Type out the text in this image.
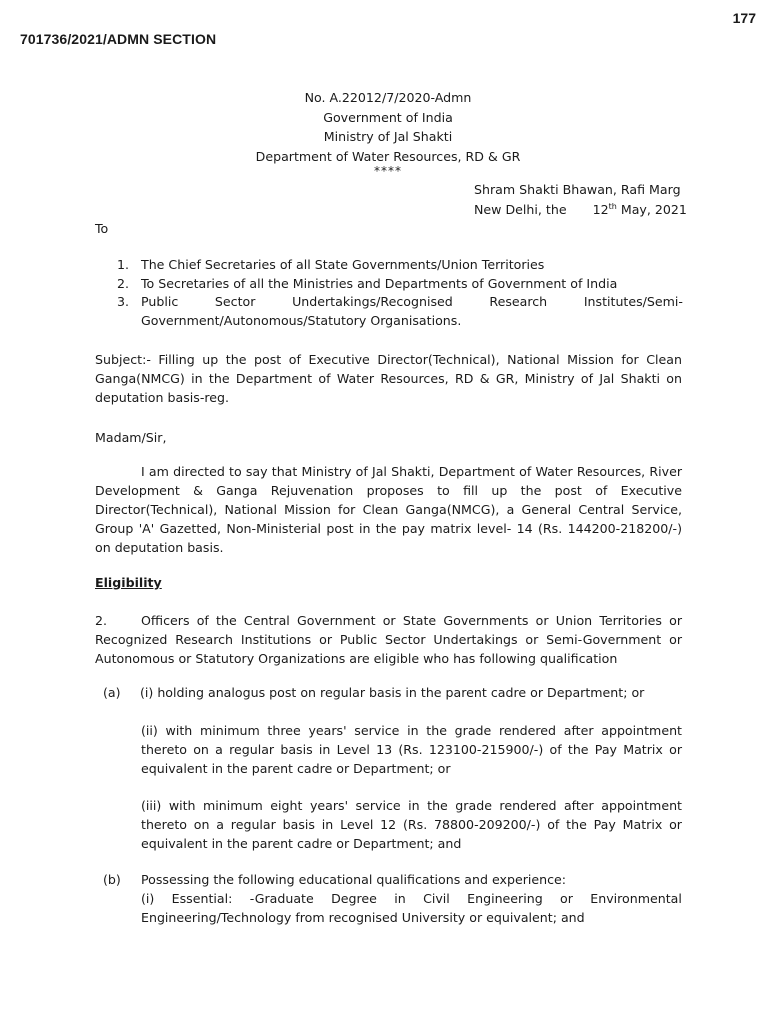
177
701736/2021/ADMN SECTION
No. A.22012/7/2020-Admn
Government of India
Ministry of Jal Shakti
Department of Water Resources, RD & GR
****
Shram Shakti Bhawan, Rafi Marg
New Delhi, the 12th May, 2021
To
1. The Chief Secretaries of all State Governments/Union Territories
2. To Secretaries of all the Ministries and Departments of Government of India
3. Public	Sector	Undertakings/Recognised	Research	Institutes/Semi-
Government/Autonomous/Statutory Organisations.
Subject:- Filling up the post of Executive Director(Technical), National Mission for Clean Ganga(NMCG) in the Department of Water Resources, RD & GR, Ministry of Jal Shakti on deputation basis-reg.
Madam/Sir,
I am directed to say that Ministry of Jal Shakti, Department of Water Resources, River Development & Ganga Rejuvenation proposes to fill up the post of Executive Director(Technical), National Mission for Clean Ganga(NMCG), a General Central Service, Group 'A' Gazetted, Non-Ministerial post in the pay matrix level- 14 (Rs. 144200-218200/-) on deputation basis.
Eligibility
2.	Officers of the Central Government or State Governments or Union Territories or Recognized Research Institutions or Public Sector Undertakings or Semi-Government or Autonomous or Statutory Organizations are eligible who has following qualification
(a) (i) holding analogus post on regular basis in the parent cadre or Department; or
(ii) with minimum three years' service in the grade rendered after appointment thereto on a regular basis in Level 13 (Rs. 123100-215900/-) of the Pay Matrix or equivalent in the parent cadre or Department; or
(iii) with minimum eight years' service in the grade rendered after appointment thereto on a regular basis in Level 12 (Rs. 78800-209200/-) of the Pay Matrix or equivalent in the parent cadre or Department; and
(b) Possessing the following educational qualifications and experience:
(i) Essential: -Graduate Degree in Civil Engineering or Environmental
Engineering/Technology from recognised University or equivalent; and
